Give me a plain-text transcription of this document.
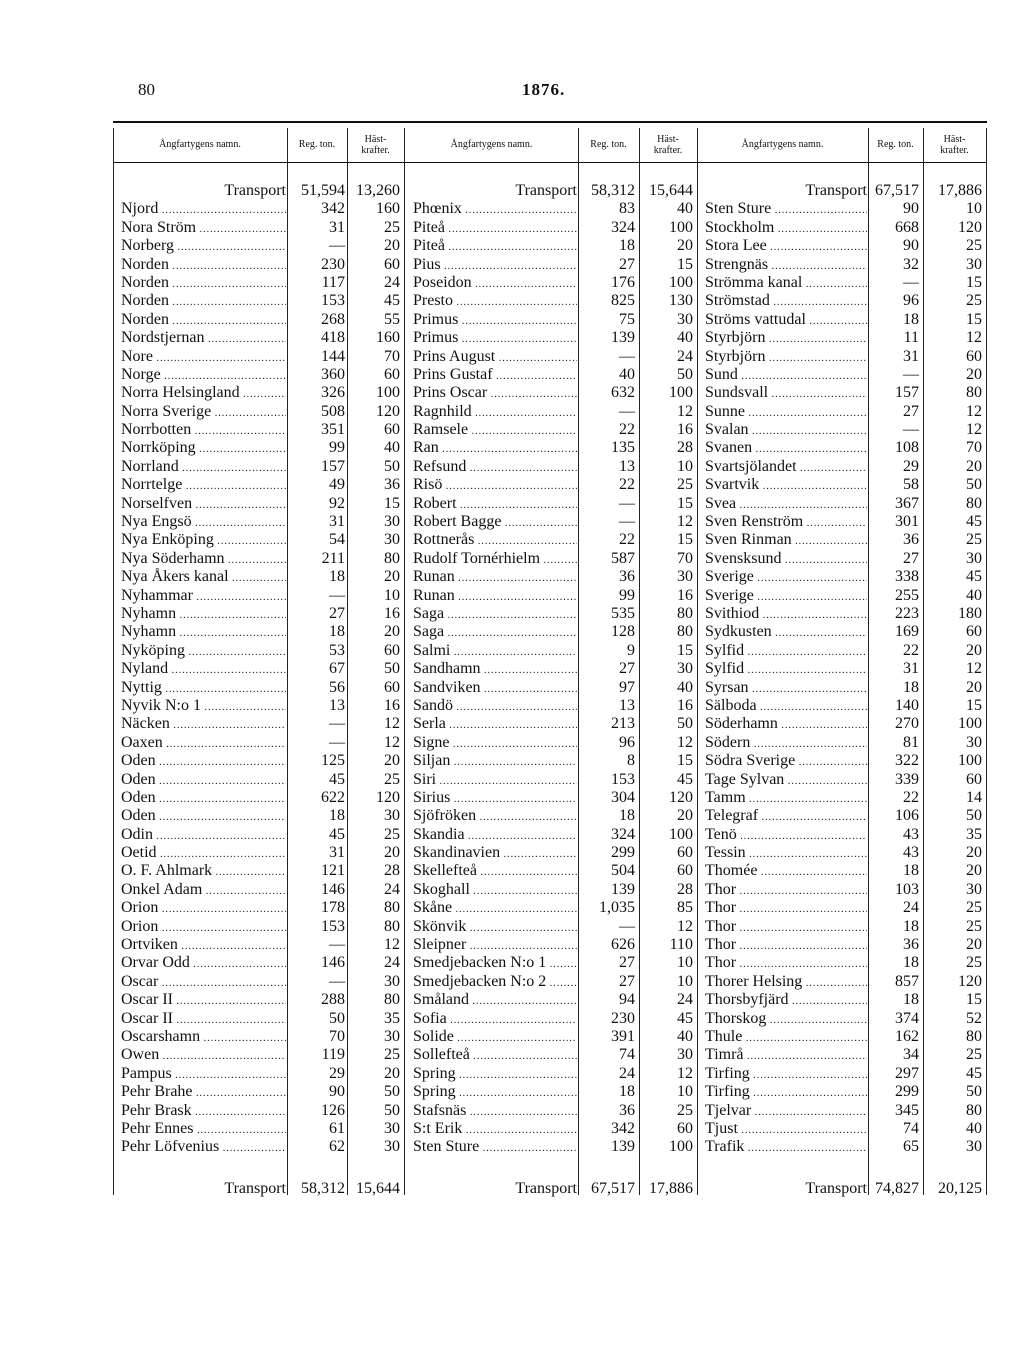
80	1876.
Ångfartygens namn.	Reg. ton.	Häst-
krafter.
Transport 51,594 13,260
Njord .....	342	160
Nora Ström .....	31	25
Norberg .....	—	20
Norden .....	230	60
Norden .....	117	24
Norden .....	153	45
Norden .....	268	55
Nordstjernan .....	418	160
Nore .....	144	70
Norge .....	360	60
Norra Helsingland .....	326	100
Norra Sverige .....	508	120
Norrbotten .....	351	60
Norrköping .....	99	40
Norrland .....	157	50
Norrtelge .....	49	36
Norselfven .....	92	15
Nya Engsö .....	31	30
Nya Enköping .....	54	30
Nya Söderhamn .....	211	80
Nya Åkers kanal .....	18	20
Nyhammar .....	—	10
Nyhamn .....	27	16
Nyhamn .....	18	20
Nyköping .....	53	60
Nyland .....	67	50
Nyttig .....	56	60
Nyvik N:o 1 .....	13	16
Näcken .....	—	12
Oaxen .....	—	12
Oden .....	125	20
Oden .....	45	25
Oden .....	622	120
Oden .....	18	30
Odin .....	45	25
Oetid .....	31	20
O. F. Ahlmark .....	121	28
Onkel Adam .....	146	24
Orion .....	178	80
Orion .....	153	80
Ortviken .....	—	12
Orvar Odd .....	146	24
Oscar .....	—	30
Oscar II .....	288	80
Oscar II .....	50	35
Oscarshamn .....	70	30
Owen .....	119	25
Pampus .....	29	20
Pehr Brahe .....	90	50
Pehr Brask .....	126	50
Pehr Ennes .....	61	30
Pehr Löfvenius .....	62	30
Transport 58,312 15,644
Ångfartygens namn.	Reg. ton.	Häst-
krafter.
Transport 58,312 15,644
Phœnix .....	83	40
Piteå .....	324	100
Piteå .....	18	20
Pius .....	27	15
Poseidon .....	176	100
Presto .....	825	130
Primus .....	75	30
Primus .....	139	40
Prins August .....	—	24
Prins Gustaf .....	40	50
Prins Oscar .....	632	100
Ragnhild .....	—	12
Ramsele .....	22	16
Ran .....	135	28
Refsund .....	13	10
Risö .....	22	25
Robert .....	—	15
Robert Bagge .....	—	12
Rottnerås .....	22	15
Rudolf Tornérhielm .....	587	70
Runan .....	36	30
Runan .....	99	16
Saga .....	535	80
Saga .....	128	80
Salmi .....	9	15
Sandhamn .....	27	30
Sandviken .....	97	40
Sandö .....	13	16
Serla .....	213	50
Signe .....	96	12
Siljan .....	8	15
Siri .....	153	45
Sirius .....	304	120
Sjöfröken .....	18	20
Skandia .....	324	100
Skandinavien .....	299	60
Skellefteå .....	504	60
Skoghall .....	139	28
Skåne .....	1,035	85
Skönvik .....	—	12
Sleipner .....	626	110
Smedjebacken N:o 1 .....	27	10
Smedjebacken N:o 2 .....	27	10
Småland .....	94	24
Sofia .....	230	45
Solide .....	391	40
Sollefteå .....	74	30
Spring .....	24	12
Spring .....	18	10
Stafsnäs .....	36	25
S:t Erik .....	342	60
Sten Sture .....	139	100
Transport 67,517 17,886
Ångfartygens namn.	Reg. ton.	Häst-
krafter.
Transport 67,517	17,886
Sten Sture .....	90	10
Stockholm .....	668	120
Stora Lee .....	90	25
Strengnäs .....	32	30
Strömma kanal .....	—	15
Strömstad .....	96	25
Ströms vattudal .....	18	15
Styrbjörn .....	11	12
Styrbjörn .....	31	60
Sund .....	—	20
Sundsvall .....	157	80
Sunne .....	27	12
Svalan .....	—	12
Svanen .....	108	70
Svartsjölandet .....	29	20
Svartvik .....	58	50
Svea .....	367	80
Sven Renström .....	301	45
Sven Rinman .....	36	25
Svensksund .....	27	30
Sverige .....	338	45
Sverige .....	255	40
Svithiod .....	223	180
Sydkusten .....	169	60
Sylfid .....	22	20
Sylfid .....	31	12
Syrsan .....	18	20
Sälboda .....	140	15
Söderhamn .....	270	100
Södern .....	81	30
Södra Sverige .....	322	100
Tage Sylvan .....	339	60
Tamm .....	22	14
Telegraf .....	106	50
Tenö .....	43	35
Tessin .....	43	20
Thomée .....	18	20
Thor .....	103	30
Thor .....	24	25
Thor .....	18	25
Thor .....	36	20
Thor .....	18	25
Thorer Helsing .....	857	120
Thorsbyfjärd .....	18	15
Thorskog .....	374	52
Thule .....	162	80
Timrå .....	34	25
Tirfing .....	297	45
Tirfing .....	299	50
Tjelvar .....	345	80
Tjust .....	74	40
Trafik .....	65	30
Transport 74,827	20,125
